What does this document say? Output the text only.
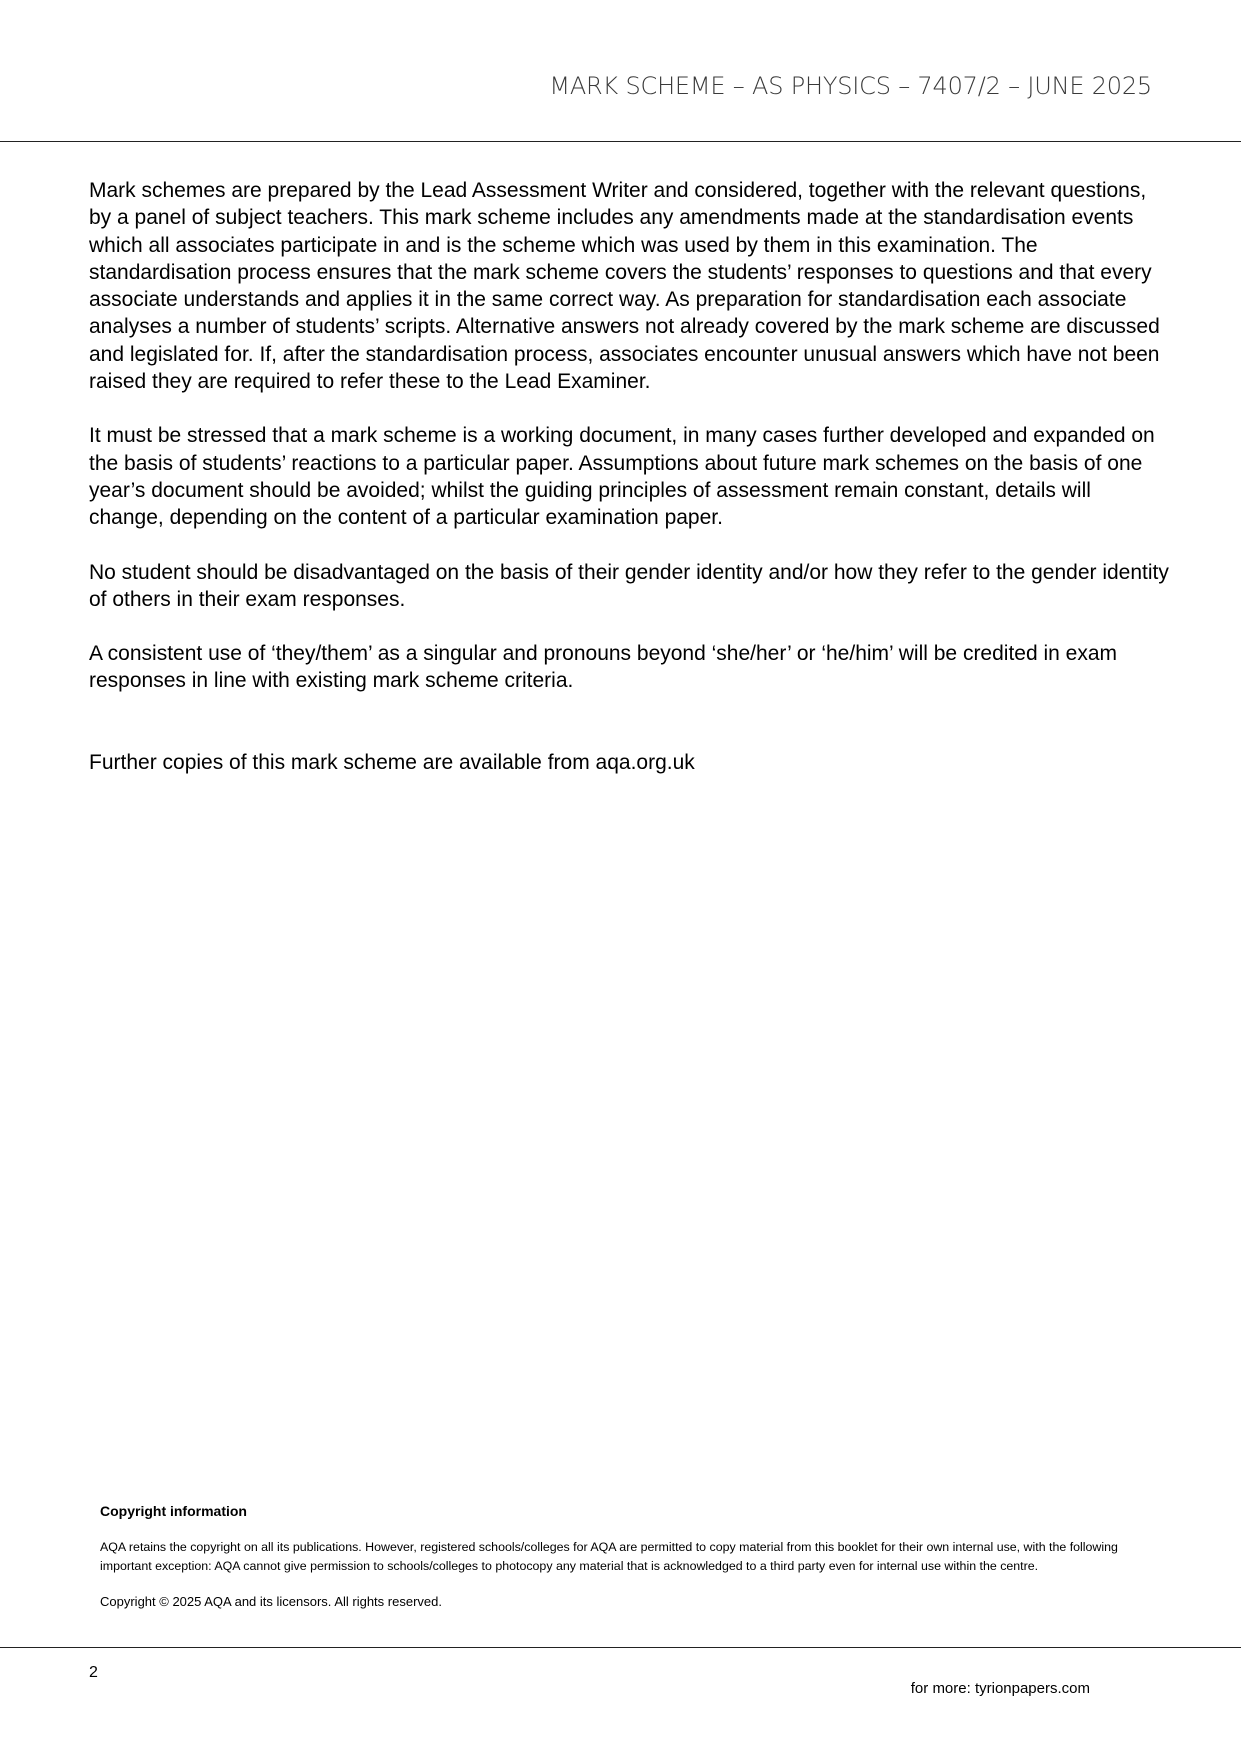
MARK SCHEME – AS PHYSICS – 7407/2 – JUNE 2025

Mark schemes are prepared by the Lead Assessment Writer and considered, together with the relevant questions, by a panel of subject teachers. This mark scheme includes any amendments made at the standardisation events which all associates participate in and is the scheme which was used by them in this examination. The standardisation process ensures that the mark scheme covers the students’ responses to questions and that every associate understands and applies it in the same correct way. As preparation for standardisation each associate analyses a number of students’ scripts. Alternative answers not already covered by the mark scheme are discussed and legislated for. If, after the standardisation process, associates encounter unusual answers which have not been raised they are required to refer these to the Lead Examiner.

It must be stressed that a mark scheme is a working document, in many cases further developed and expanded on the basis of students’ reactions to a particular paper. Assumptions about future mark schemes on the basis of one year’s document should be avoided; whilst the guiding principles of assessment remain constant, details will change, depending on the content of a particular examination paper.

No student should be disadvantaged on the basis of their gender identity and/or how they refer to the gender identity of others in their exam responses.

A consistent use of ‘they/them’ as a singular and pronouns beyond ‘she/her’ or ‘he/him’ will be credited in exam responses in line with existing mark scheme criteria.

Further copies of this mark scheme are available from aqa.org.uk

Copyright information

AQA retains the copyright on all its publications. However, registered schools/colleges for AQA are permitted to copy material from this booklet for their own internal use, with the following important exception: AQA cannot give permission to schools/colleges to photocopy any material that is acknowledged to a third party even for internal use within the centre.

Copyright © 2025 AQA and its licensors. All rights reserved.

2
for more: tyrionpapers.com
